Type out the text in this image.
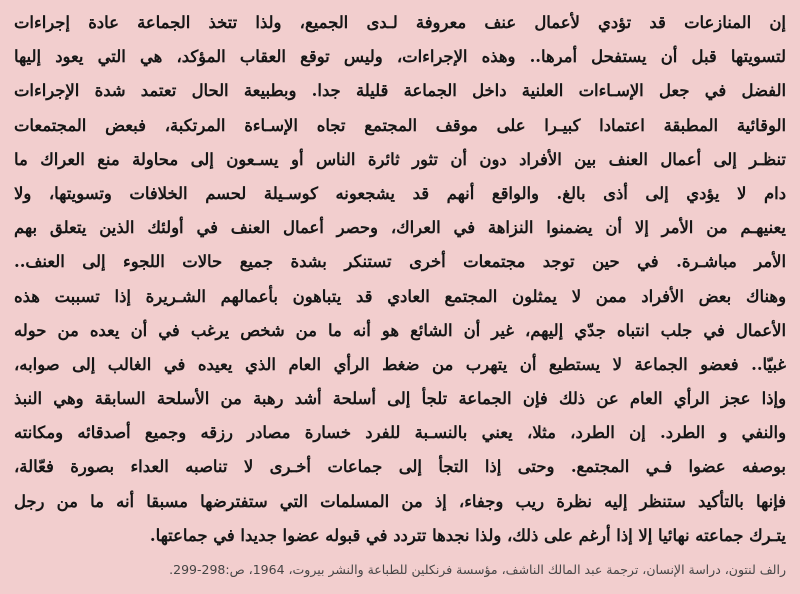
إن المنازعات قد تؤدي لأعمال عنف معروفة لـدى الجميع، ولذا تتخذ الجماعة عادة إجراءات
لتسويتها قبل أن يستفحل أمرها.. وهذه الإجراءات، وليس توقع العقاب المؤكد، هي التي يعود إليها
الفضل في جعل الإسـاءات العلنية داخل الجماعة قليلة جدا. وبطبيعة الحال تعتمد شدة الإجراءات
الوقائية المطبقة اعتمادا كبيـرا على موقف المجتمع تجاه الإسـاءة المرتكبة، فبعض المجتمعات
تنظـر إلى أعمال العنف بين الأفراد دون أن تثور ثائرة الناس أو يسـعون إلى محاولة منع العراك ما
دام لا يؤدي إلى أذى بالغ. والواقع أنهم قد يشجعونه كوسـيلة لحسم الخلافات وتسويتها، ولا
يعنيهـم من الأمر إلا أن يضمنوا النزاهة في العراك، وحصر أعمال العنف في أولئك الذين يتعلق بهم
الأمر مباشـرة. في حين توجد مجتمعات أخرى تستنكر بشدة جميع حالات اللجوء إلى العنف..
وهناك بعض الأفراد ممن لا يمثلون المجتمع العادي قد يتباهون بأعمالهم الشـريرة إذا تسببت هذه
الأعمال في جلب انتباه جدّي إليهم، غير أن الشائع هو أنه ما من شخص يرغب في أن يعده من حوله
غبيّا.. فعضو الجماعة لا يستطيع أن يتهرب من ضغط الرأي العام الذي يعيده في الغالب إلى صوابه،
وإذا عجز الرأي العام عن ذلك فإن الجماعة تلجأ إلى أسلحة أشد رهبة من الأسلحة السابقة وهي النبذ
والنفي و الطرد. إن الطرد، مثلا، يعني بالنسـبة للفرد خسارة مصادر رزقه وجميع أصدقائه ومكانته
بوصفه عضوا فـي المجتمع. وحتى إذا التجأ إلى جماعات أخـرى لا تناصبه العداء بصورة فعّالة،
فإنها بالتأكيد ستنظر إليه نظرة ريب وجفاء، إذ من المسلمات التي ستفترضها مسبقا أنه ما من رجل
يتـرك جماعته نهائيا إلا إذا أرغم على ذلك، ولذا نجدها تتردد في قبوله عضوا جديدا في جماعتها.
رالف لنتون، دراسة الإنسان، ترجمة عبد المالك الناشف، مؤسسة فرنكلين للطباعة والنشر بيروت، 1964، ص:298-299.
